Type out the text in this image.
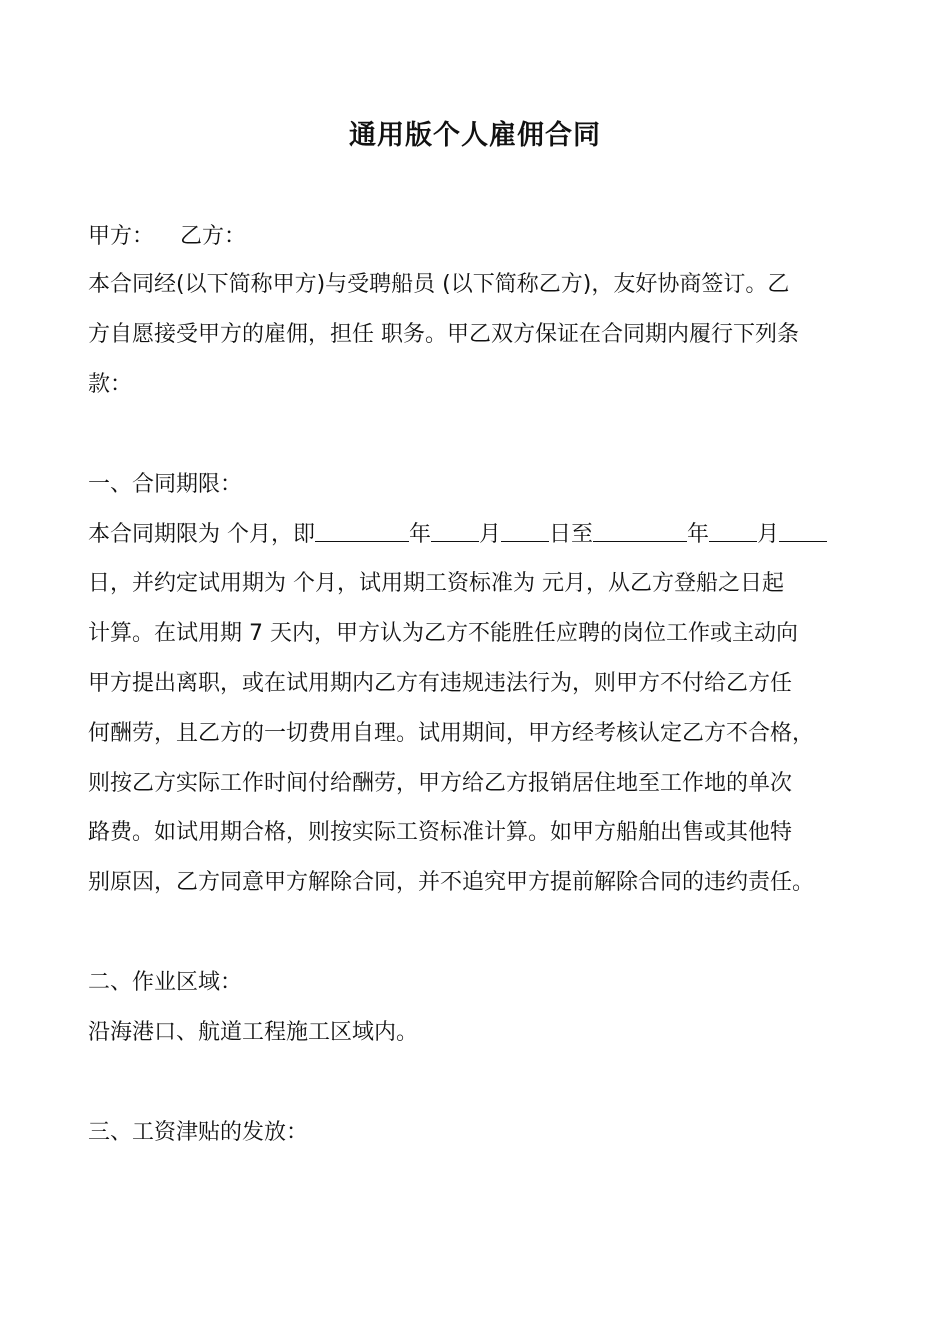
通用版个人雇佣合同

甲方： 乙方：

本合同经(以下简称甲方)与受聘船员 (以下简称乙方)，友好协商签订。乙

方自愿接受甲方的雇佣，担任 职务。甲乙双方保证在合同期内履行下列条

款：

一、合同期限：

本合同期限为 个月，即	年 月 日至	年 月

日，并约定试用期为 个月，试用期工资标准为 元月，从乙方登船之日起

计算。在试用期 7 天内，甲方认为乙方不能胜任应聘的岗位工作或主动向

甲方提出离职，或在试用期内乙方有违规违法行为，则甲方不付给乙方任

何酬劳，且乙方的一切费用自理。试用期间，甲方经考核认定乙方不合格，

则按乙方实际工作时间付给酬劳，甲方给乙方报销居住地至工作地的单次

路费。如试用期合格，则按实际工资标准计算。如甲方船舶出售或其他特

别原因，乙方同意甲方解除合同，并不追究甲方提前解除合同的违约责任。

二、作业区域：

沿海港口、航道工程施工区域内。

三、工资津贴的发放：
